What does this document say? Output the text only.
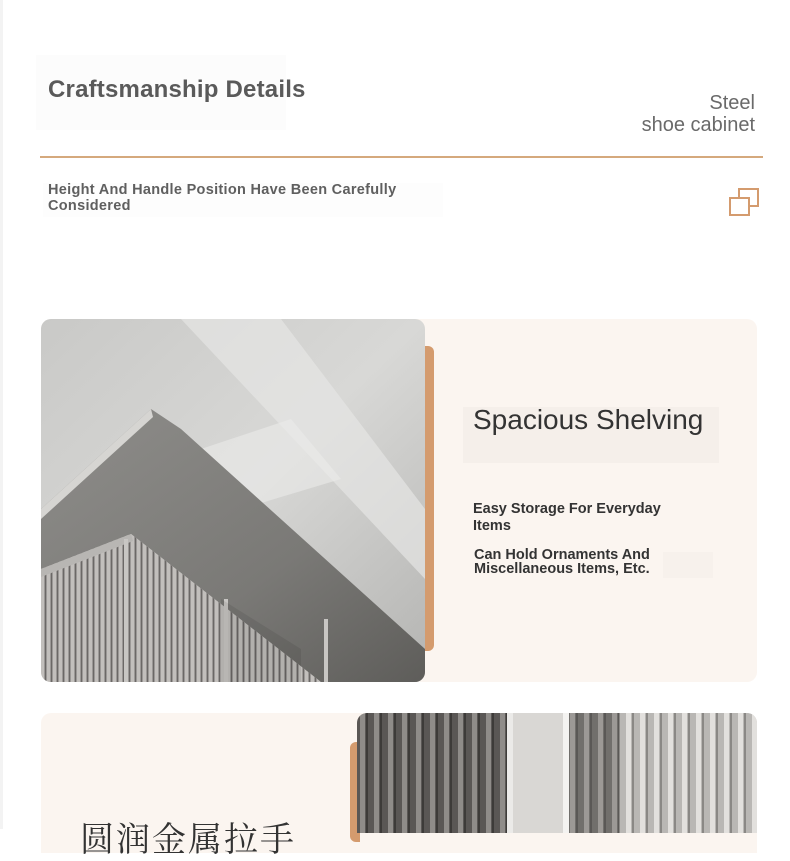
Craftsmanship Details	Steel
shoe cabinet
Height And Handle Position Have Been Carefully Considered
Spacious Shelving
Easy Storage For Everyday Items
Can Hold Ornaments And Miscellaneous Items, Etc.
圆润金属拉手
